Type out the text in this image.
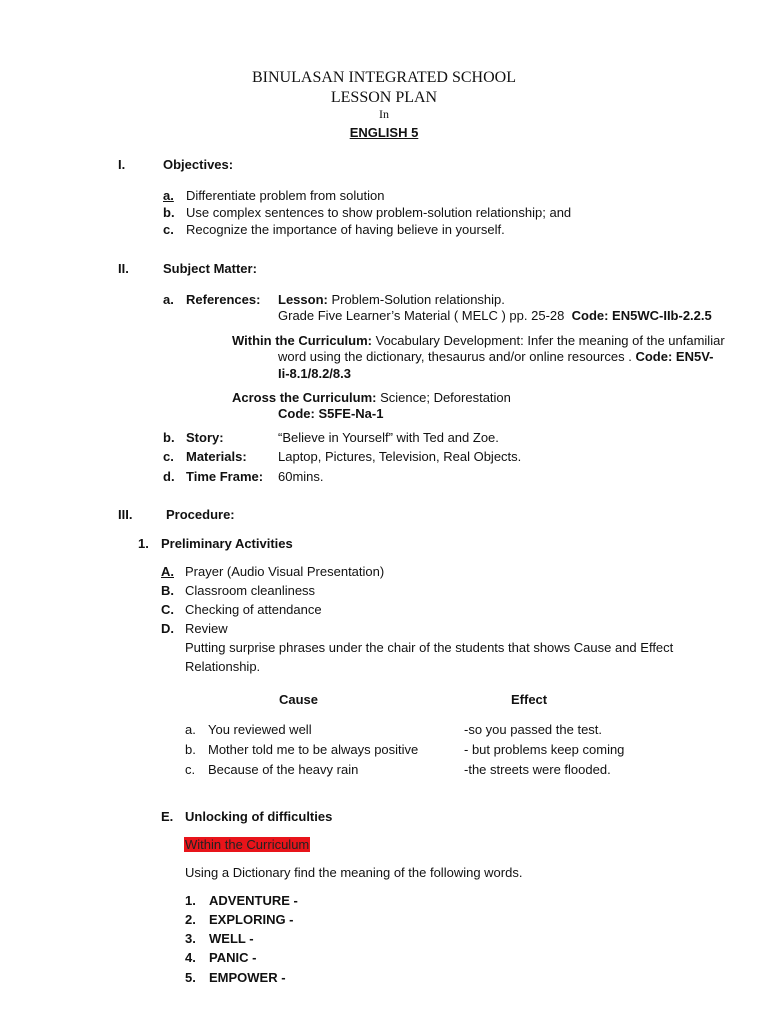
BINULASAN INTEGRATED SCHOOL
LESSON PLAN
In
ENGLISH 5
I.	Objectives:
a. Differentiate problem from solution
b. Use complex sentences to show problem-solution relationship; and
c. Recognize the importance of having believe in yourself.
II.	Subject Matter:
a. References: Lesson: Problem-Solution relationship.
Grade Five Learner’s Material ( MELC ) pp. 25-28 Code: EN5WC-IIb-2.2.5
Within the Curriculum: Vocabulary Development: Infer the meaning of the unfamiliar
word using the dictionary, thesaurus and/or online resources . Code: EN5V-
Ii-8.1/8.2/8.3
Across the Curriculum: Science; Deforestation
Code: S5FE-Na-1
b. Story:	“Believe in Yourself” with Ted and Zoe.
c. Materials: Laptop, Pictures, Television, Real Objects.
d. Time Frame: 60mins.
III.	Procedure:
1. Preliminary Activities
A. Prayer (Audio Visual Presentation)
B. Classroom cleanliness
C. Checking of attendance
D. Review
Putting surprise phrases under the chair of the students that shows Cause and Effect
Relationship.
Cause	Effect
a. You reviewed well	-so you passed the test.
b. Mother told me to be always positive	- but problems keep coming
c. Because of the heavy rain	-the streets were flooded.
E. Unlocking of difficulties
Within the Curriculum
Using a Dictionary find the meaning of the following words.
1. ADVENTURE -
2. EXPLORING -
3. WELL -
4. PANIC -
5. EMPOWER -
